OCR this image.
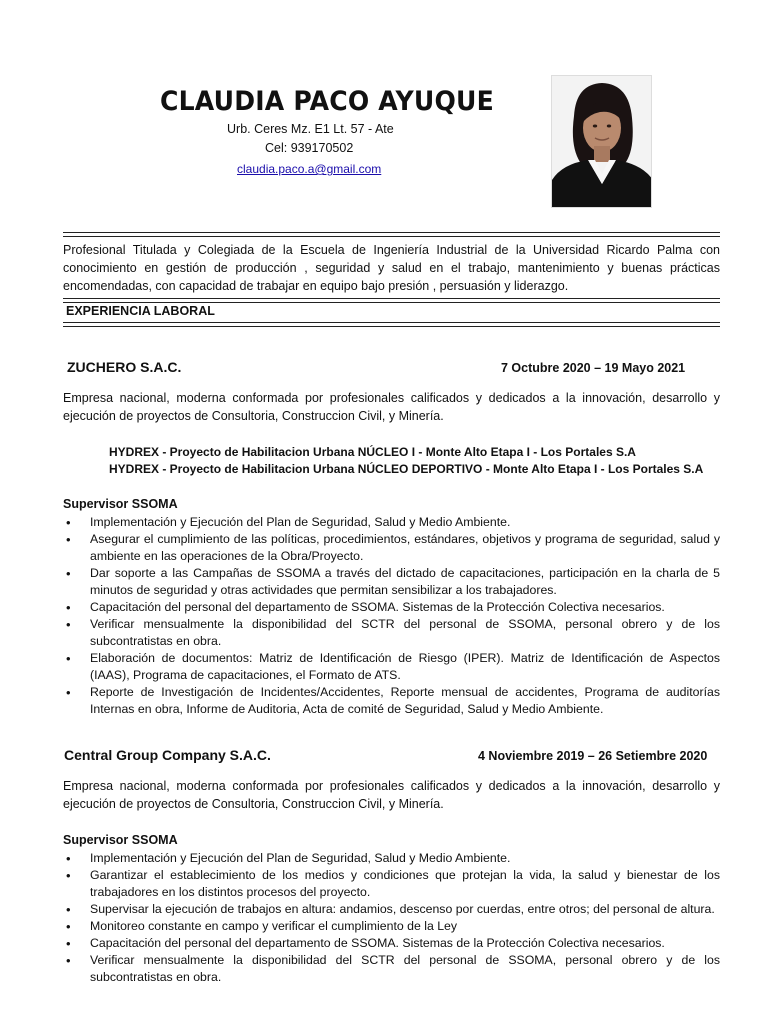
CLAUDIA PACO AYUQUE
Urb. Ceres Mz. E1 Lt. 57 - Ate
Cel: 939170502
claudia.paco.a@gmail.com
Profesional Titulada y Colegiada de la Escuela de Ingeniería Industrial de la Universidad Ricardo Palma con conocimiento en gestión de producción , seguridad y salud en el trabajo, mantenimiento y buenas prácticas encomendadas, con capacidad de trabajar en equipo bajo presión , persuasión y liderazgo.
EXPERIENCIA LABORAL
ZUCHERO S.A.C.	7 Octubre 2020 – 19 Mayo 2021
Empresa nacional, moderna conformada por profesionales calificados y dedicados a la innovación, desarrollo y ejecución de proyectos de Consultoria, Construccion Civil, y Minería.
HYDREX - Proyecto de Habilitacion Urbana NÚCLEO I - Monte Alto Etapa I - Los Portales S.A
HYDREX - Proyecto de Habilitacion Urbana NÚCLEO DEPORTIVO - Monte Alto Etapa I - Los Portales S.A
Supervisor SSOMA
• Implementación y Ejecución del Plan de Seguridad, Salud y Medio Ambiente.
• Asegurar el cumplimiento de las políticas, procedimientos, estándares, objetivos y programa de seguridad, salud y ambiente en las operaciones de la Obra/Proyecto.
• Dar soporte a las Campañas de SSOMA a través del dictado de capacitaciones, participación en la charla de 5 minutos de seguridad y otras actividades que permitan sensibilizar a los trabajadores.
• Capacitación del personal del departamento de SSOMA. Sistemas de la Protección Colectiva necesarios.
• Verificar mensualmente la disponibilidad del SCTR del personal de SSOMA, personal obrero y de los subcontratistas en obra.
• Elaboración de documentos: Matriz de Identificación de Riesgo (IPER). Matriz de Identificación de Aspectos (IAAS), Programa de capacitaciones, el Formato de ATS.
• Reporte de Investigación de Incidentes/Accidentes, Reporte mensual de accidentes, Programa de auditorías Internas en obra, Informe de Auditoria, Acta de comité de Seguridad, Salud y Medio Ambiente.
Central Group Company S.A.C.	4 Noviembre 2019 – 26 Setiembre 2020
Empresa nacional, moderna conformada por profesionales calificados y dedicados a la innovación, desarrollo y ejecución de proyectos de Consultoria, Construccion Civil, y Minería.
Supervisor SSOMA
• Implementación y Ejecución del Plan de Seguridad, Salud y Medio Ambiente.
• Garantizar el establecimiento de los medios y condiciones que protejan la vida, la salud y bienestar de los trabajadores en los distintos procesos del proyecto.
• Supervisar la ejecución de trabajos en altura: andamios, descenso por cuerdas, entre otros; del personal de altura.
• Monitoreo constante en campo y verificar el cumplimiento de la Ley
• Capacitación del personal del departamento de SSOMA. Sistemas de la Protección Colectiva necesarios.
• Verificar mensualmente la disponibilidad del SCTR del personal de SSOMA, personal obrero y de los subcontratistas en obra.
